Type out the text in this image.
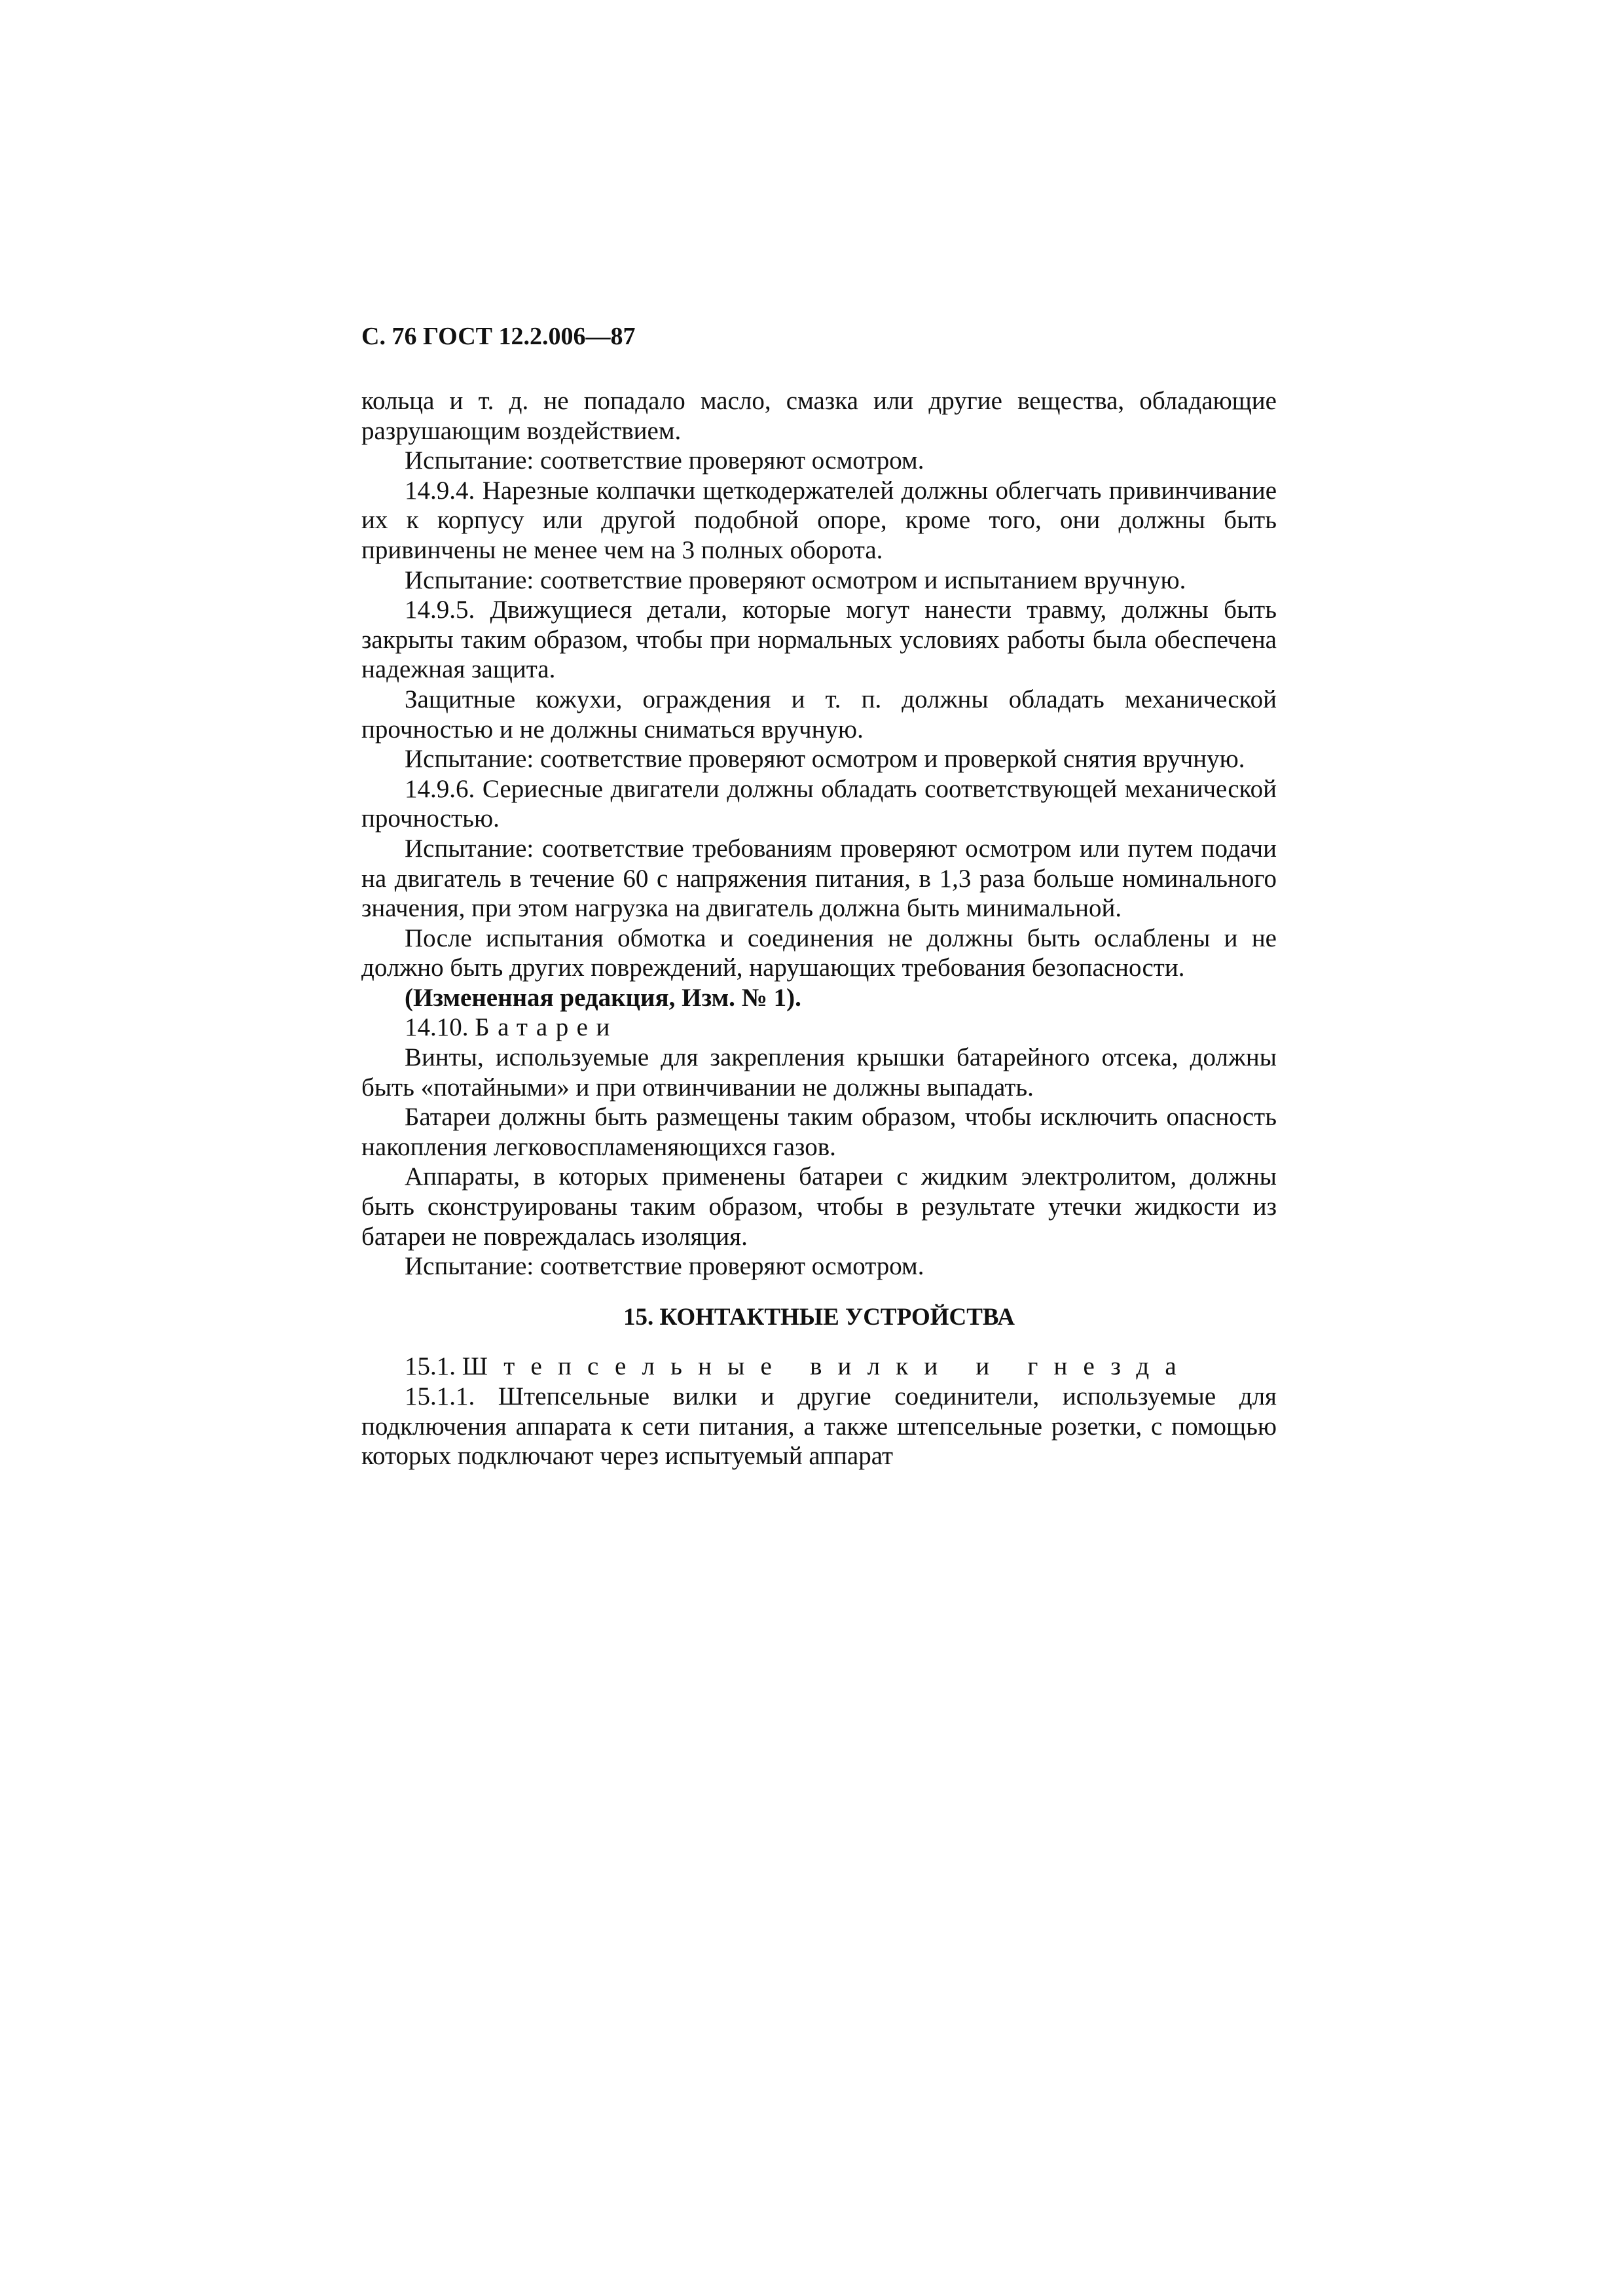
С. 76 ГОСТ 12.2.006—87

кольца и т. д. не попадало масло, смазка или другие вещества, обладающие разрушающим воздействием.

Испытание: соответствие проверяют осмотром.

14.9.4. Нарезные колпачки щеткодержателей должны облегчать привинчивание их к корпусу или другой подобной опоре, кроме того, они должны быть привинчены не менее чем на 3 полных оборота.

Испытание: соответствие проверяют осмотром и испытанием вручную.

14.9.5. Движущиеся детали, которые могут нанести травму, должны быть закрыты таким образом, чтобы при нормальных условиях работы была обеспечена надежная защита.

Защитные кожухи, ограждения и т. п. должны обладать механической прочностью и не должны сниматься вручную.

Испытание: соответствие проверяют осмотром и проверкой снятия вручную.

14.9.6. Сериесные двигатели должны обладать соответствующей механической прочностью.

Испытание: соответствие требованиям проверяют осмотром или путем подачи на двигатель в течение 60 с напряжения питания, в 1,3 раза больше номинального значения, при этом нагрузка на двигатель должна быть минимальной.

После испытания обмотка и соединения не должны быть ослаблены и не должно быть других повреждений, нарушающих требования безопасности.

(Измененная редакция, Изм. № 1).

14.10. Батареи

Винты, используемые для закрепления крышки батарейного отсека, должны быть «потайными» и при отвинчивании не должны выпадать.

Батареи должны быть размещены таким образом, чтобы исключить опасность накопления легковоспламеняющихся газов.

Аппараты, в которых применены батареи с жидким электролитом, должны быть сконструированы таким образом, чтобы в результате утечки жидкости из батареи не повреждалась изоляция.

Испытание: соответствие проверяют осмотром.

15. КОНТАКТНЫЕ УСТРОЙСТВА

15.1. Штепсельные вилки и гнезда

15.1.1. Штепсельные вилки и другие соединители, используемые для подключения аппарата к сети питания, а также штепсельные розетки, с помощью которых подключают через испытуемый аппарат
